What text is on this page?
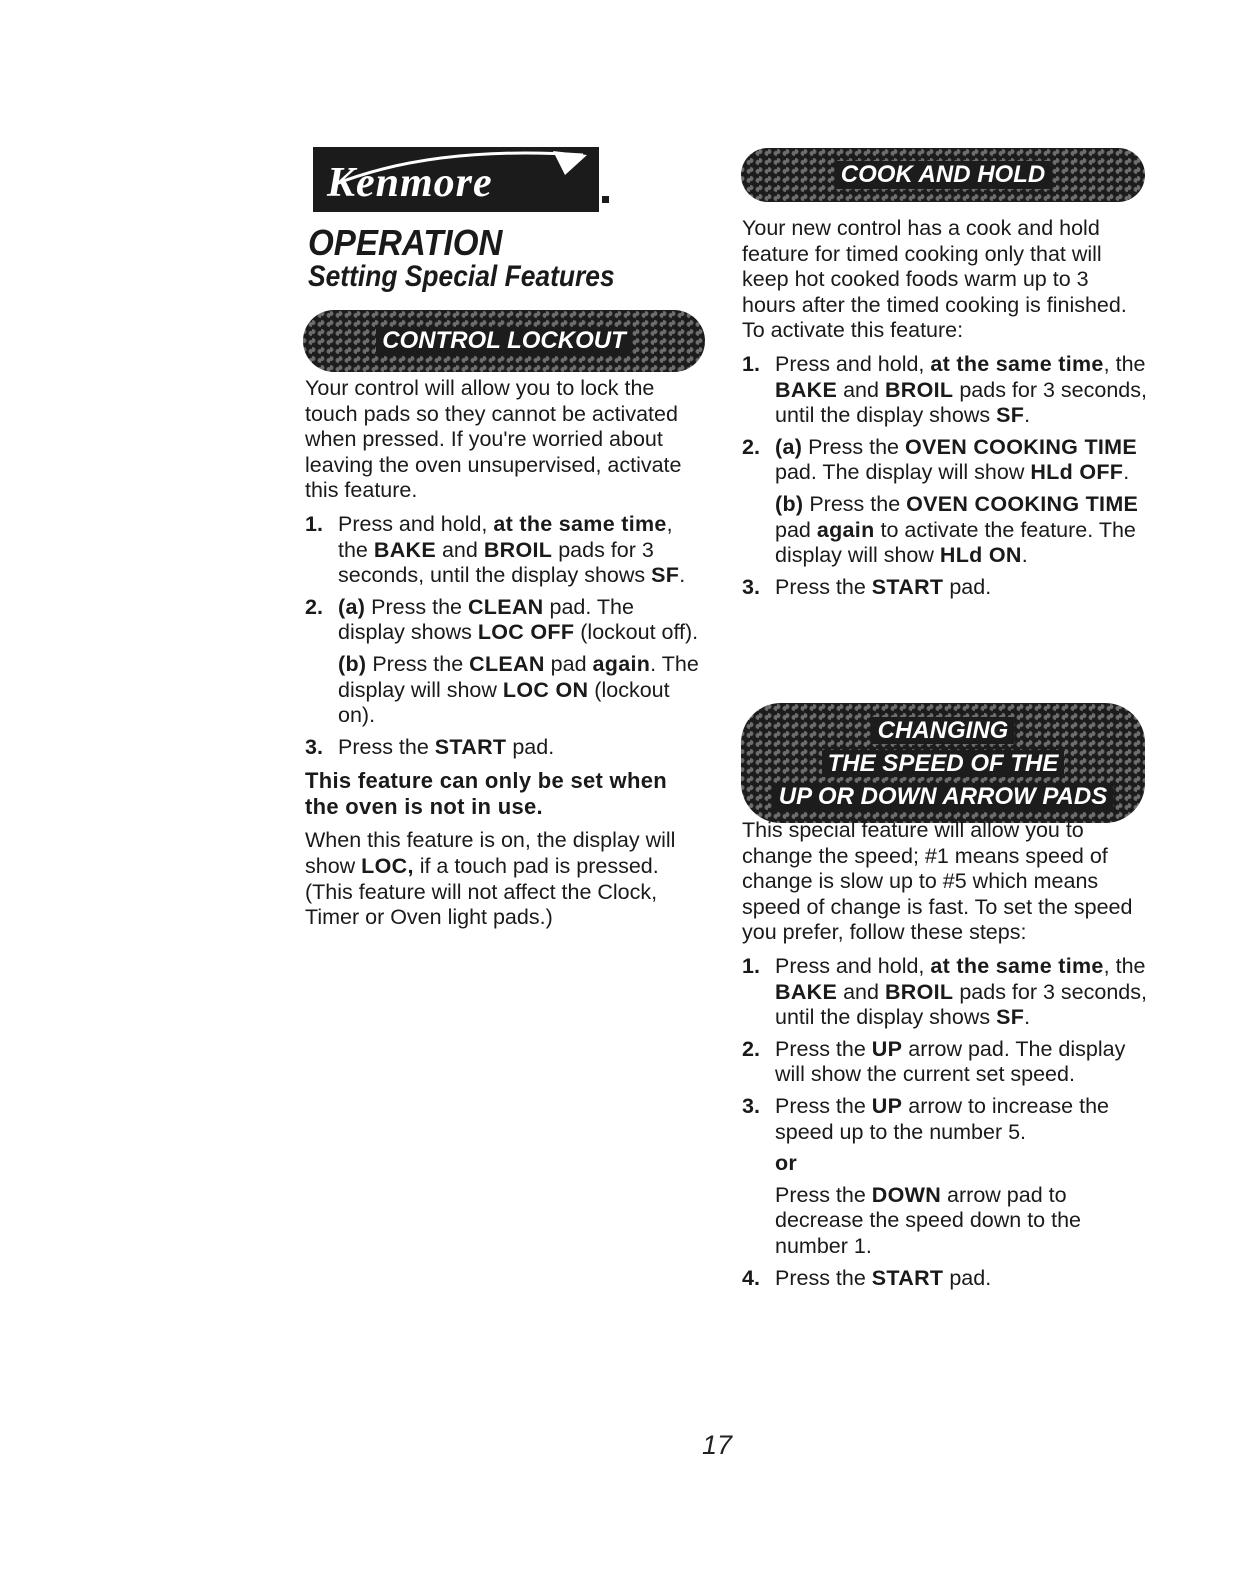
Kenmore
OPERATION
Setting Special Features
CONTROL LOCKOUT

Your control will allow you to lock the touch pads so they cannot be activated when pressed. If you're worried about leaving the oven unsupervised, activate this feature.

1. Press and hold, at the same time, the BAKE and BROIL pads for 3 seconds, until the display shows SF.
2. (a) Press the CLEAN pad. The display shows LOC OFF (lockout off).
(b) Press the CLEAN pad again. The display will show LOC ON (lockout on).
3. Press the START pad.

This feature can only be set when the oven is not in use.

When this feature is on, the display will show LOC, if a touch pad is pressed. (This feature will not affect the Clock, Timer or Oven light pads.)

COOK AND HOLD

Your new control has a cook and hold feature for timed cooking only that will keep hot cooked foods warm up to 3 hours after the timed cooking is finished. To activate this feature:

1. Press and hold, at the same time, the BAKE and BROIL pads for 3 seconds, until the display shows SF.
2. (a) Press the OVEN COOKING TIME pad. The display will show HLd OFF.
(b) Press the OVEN COOKING TIME pad again to activate the feature. The display will show HLd ON.
3. Press the START pad.
CHANGING
THE SPEED OF THE
UP OR DOWN ARROW PADS

This special feature will allow you to change the speed; #1 means speed of change is slow up to #5 which means speed of change is fast. To set the speed you prefer, follow these steps:

1. Press and hold, at the same time, the BAKE and BROIL pads for 3 seconds, until the display shows SF.
2. Press the UP arrow pad. The display will show the current set speed.
3. Press the UP arrow to increase the speed up to the number 5.
or
Press the DOWN arrow pad to decrease the speed down to the number 1.
4. Press the START pad.
17
